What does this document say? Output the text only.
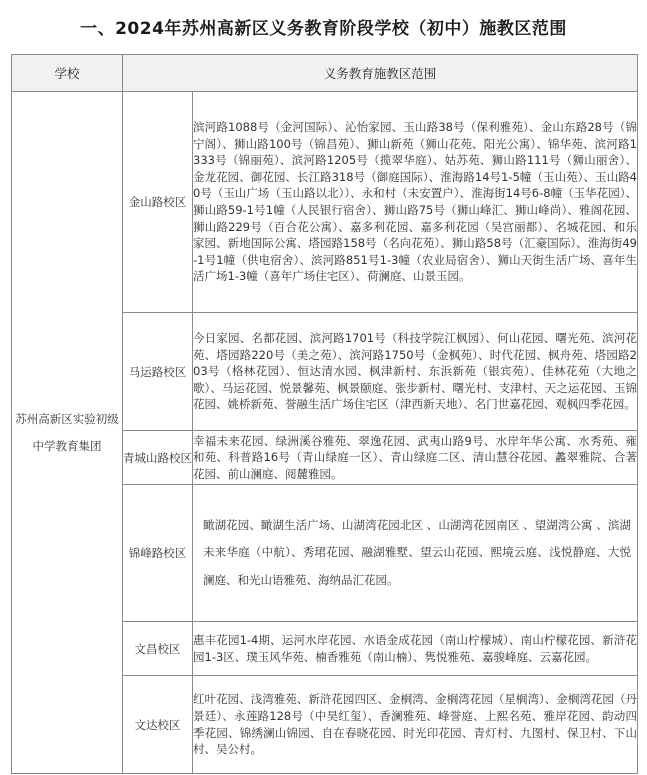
一、2024年苏州高新区义务教育阶段学校（初中）施教区范围
学校	义务教育施教区范围	
苏州高新区实验初级中学教育集团	金山路校区	滨河路1088号（金河国际）、沁怡家园、玉山路38号（保利雅苑）、金山东路28号（锦宁阁）、狮山路100号（锦昌苑）、狮山新苑（狮山花苑、阳光公寓）、锦华苑、滨河路1333号（锦丽苑）、滨河路1205号（揽翠华庭）、姑苏苑、狮山路111号（狮山丽舍）、金龙花园、御花园、长江路318号（御庭国际）、淮海路14号1-5幢（玉山苑）、玉山路40号（玉山广场（玉山路以北））、永和村（未安置户）、淮海街14号6-8幢（玉华花园）、狮山路59-1号1幢（人民银行宿舍）、狮山路75号（狮山峰汇、狮山峰尚）、雅阁花园、狮山路229号（百合花公寓）、嘉多利花园、嘉多利花园（吴宫丽都）、名城花园、和乐家园、新地国际公寓、塔园路158号（名向花苑）、狮山路58号（汇豪国际）、淮海街49-1号1幢（供电宿舍）、滨河路851号1-3幢（农业局宿舍）、狮山天街生活广场、喜年生活广场1-3幢（喜年广场住宅区）、荷澜庭、山景玉园。
	马运路校区	今日家园、名都花园、滨河路1701号（科技学院江枫园）、何山花园、曙光苑、滨河花苑、塔园路220号（美之苑）、滨河路1750号（金枫苑）、时代花园、枫舟苑、塔园路203号（格林花园）、恒达清水园、枫津新村、东浜新苑（银宾苑）、佳林花苑（大地之歌）、马运花园、悦景馨苑、枫景颐庭、张步新村、曙光村、支津村、天之运花园、玉锦花园、姚桥新苑、誉融生活广场住宅区（津西新天地）、名门世嘉花园、观枫四季花园。
	青城山路校区	幸福未来花园、绿洲溪谷雅苑、翠逸花园、武夷山路9号、水岸年华公寓、水秀苑、雍和苑、科普路16号（青山绿庭一区）、青山绿庭二区、清山慧谷花园、蠡翠雅院、合著花园、前山澜庭、阅麓雅园。
	锦峰路校区	瞰湖花园、瞰湖生活广场、山湖湾花园北区 、山湖湾花园南区 、望湖湾公寓 、滨湖未来华庭（中航）、秀珺花园、融湖雅墅、望云山花园、熙境云庭、浅悦静庭、大悦澜庭、和光山语雅苑、海纳品汇花园。
	文昌校区	惠丰花园1-4期、运河水岸花园、水语金成花园（南山柠檬城）、南山柠檬花园、新浒花园1-3区、璞玉风华苑、楠香雅苑（南山楠）、隽悦雅苑、嘉骏峰庭、云嘉花园。
	文达校区	红叶花园、浅湾雅苑、新浒花园四区、金榈湾、金榈湾花园（星榈湾）、金榈湾花园（丹景廷）、永莲路128号（中昊红玺）、香澜雅苑、峰誉庭、上熙名苑、雅岸花园、韵动四季花园、锦绣澜山锦园、自在春晓花园、时光印花园、青灯村、九图村、保卫村、下山村、吴公村。
